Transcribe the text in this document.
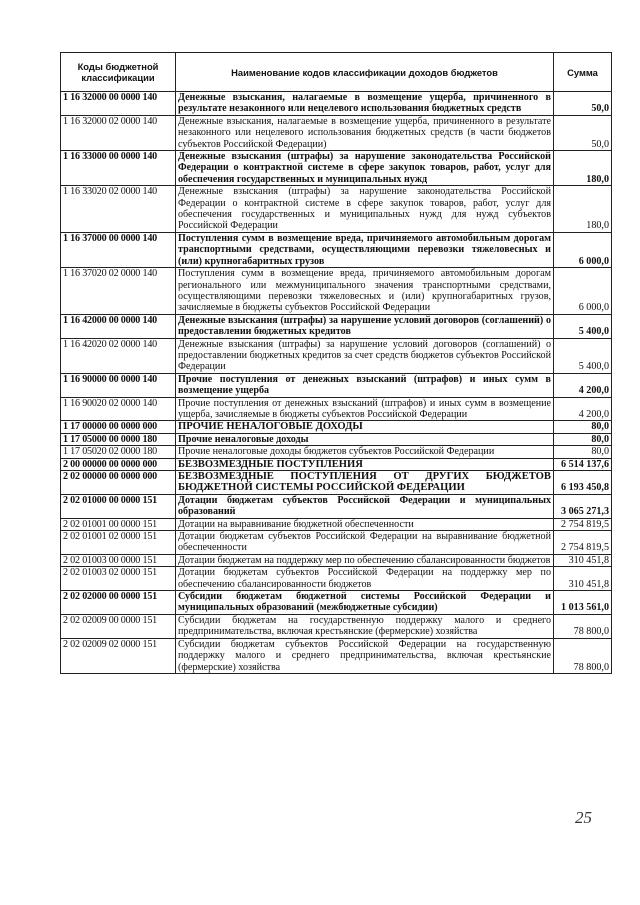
Коды бюджетной классификации	Наименование кодов классификации доходов бюджетов	Сумма
1 16 32000 00 0000 140	Денежные взыскания, налагаемые в возмещение ущерба, причиненного в результате незаконного или нецелевого использования бюджетных средств	50,0
1 16 32000 02 0000 140	Денежные взыскания, налагаемые в возмещение ущерба, причиненного в результате незаконного или нецелевого использования бюджетных средств (в части бюджетов субъектов Российской Федерации)	50,0
1 16 33000 00 0000 140	Денежные взыскания (штрафы) за нарушение законодательства Российской Федерации о контрактной системе в сфере закупок товаров, работ, услуг для обеспечения государственных и муниципальных нужд	180,0
1 16 33020 02 0000 140	Денежные взыскания (штрафы) за нарушение законодательства Российской Федерации о контрактной системе в сфере закупок товаров, работ, услуг для обеспечения государственных и муниципальных нужд для нужд субъектов Российской Федерации	180,0
1 16 37000 00 0000 140	Поступления сумм в возмещение вреда, причиняемого автомобильным дорогам транспортными средствами, осуществляющими перевозки тяжеловесных и (или) крупногабаритных грузов	6 000,0
1 16 37020 02 0000 140	Поступления сумм в возмещение вреда, причиняемого автомобильным дорогам регионального или межмуниципального значения транспортными средствами, осуществляющими перевозки тяжеловесных и (или) крупногабаритных грузов, зачисляемые в бюджеты субъектов Российской Федерации	6 000,0
1 16 42000 00 0000 140	Денежные взыскания (штрафы) за нарушение условий договоров (соглашений) о предоставлении бюджетных кредитов	5 400,0
1 16 42020 02 0000 140	Денежные взыскания (штрафы) за нарушение условий договоров (соглашений) о предоставлении бюджетных кредитов за счет средств бюджетов субъектов Российской Федерации	5 400,0
1 16 90000 00 0000 140	Прочие поступления от денежных взысканий (штрафов) и иных сумм в возмещение ущерба	4 200,0
1 16 90020 02 0000 140	Прочие поступления от денежных взысканий (штрафов) и иных сумм в возмещение ущерба, зачисляемые в бюджеты субъектов Российской Федерации	4 200,0
1 17 00000 00 0000 000	ПРОЧИЕ НЕНАЛОГОВЫЕ ДОХОДЫ	80,0
1 17 05000 00 0000 180	Прочие неналоговые доходы	80,0
1 17 05020 02 0000 180	Прочие неналоговые доходы бюджетов субъектов Российской Федерации	80,0
2 00 00000 00 0000 000	БЕЗВОЗМЕЗДНЫЕ ПОСТУПЛЕНИЯ	6 514 137,6
2 02 00000 00 0000 000	БЕЗВОЗМЕЗДНЫЕ ПОСТУПЛЕНИЯ ОТ ДРУГИХ БЮДЖЕТОВ БЮДЖЕТНОЙ СИСТЕМЫ РОССИЙСКОЙ ФЕДЕРАЦИИ	6 193 450,8
2 02 01000 00 0000 151	Дотации бюджетам субъектов Российской Федерации и муниципальных образований	3 065 271,3
2 02 01001 00 0000 151	Дотации на выравнивание бюджетной обеспеченности	2 754 819,5
2 02 01001 02 0000 151	Дотации бюджетам субъектов Российской Федерации на выравнивание бюджетной обеспеченности	2 754 819,5
2 02 01003 00 0000 151	Дотации бюджетам на поддержку мер по обеспечению сбалансированности бюджетов	310 451,8
2 02 01003 02 0000 151	Дотации бюджетам субъектов Российской Федерации на поддержку мер по обеспечению сбалансированности бюджетов	310 451,8
2 02 02000 00 0000 151	Субсидии бюджетам бюджетной системы Российской Федерации и муниципальных образований (межбюджетные субсидии)	1 013 561,0
2 02 02009 00 0000 151	Субсидии бюджетам на государственную поддержку малого и среднего предпринимательства, включая крестьянские (фермерские) хозяйства	78 800,0
2 02 02009 02 0000 151	Субсидии бюджетам субъектов Российской Федерации на государственную поддержку малого и среднего предпринимательства, включая крестьянские (фермерские) хозяйства	78 800,0
25
